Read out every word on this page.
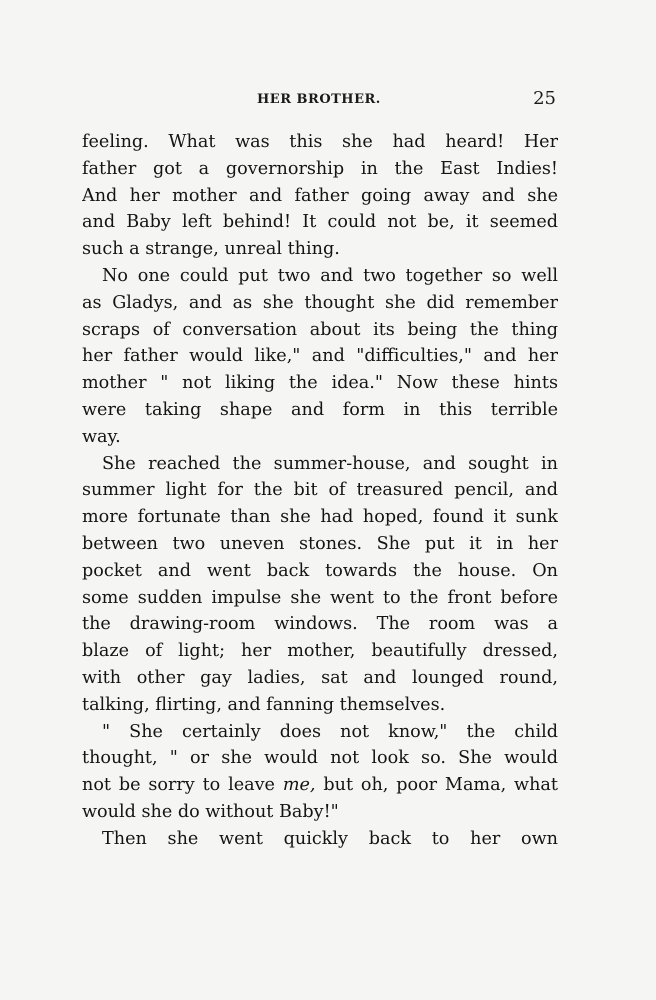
HER BROTHER.	25
feeling. What was this she had heard! Her
father got a governorship in the East Indies!
And her mother and father going away and she
and Baby left behind! It could not be, it seemed
such a strange, unreal thing.
No one could put two and two together so well
as Gladys, and as she thought she did remember
scraps of conversation about its being the thing
her father would like," and "difficulties," and her
mother " not liking the idea." Now these hints
were taking shape and form in this terrible
way.
She reached the summer-house, and sought in
summer light for the bit of treasured pencil, and
more fortunate than she had hoped, found it sunk
between two uneven stones. She put it in her
pocket and went back towards the house. On
some sudden impulse she went to the front before
the drawing-room windows. The room was a
blaze of light; her mother, beautifully dressed,
with other gay ladies, sat and lounged round,
talking, flirting, and fanning themselves.
" She certainly does not know," the child
thought, " or she would not look so. She would
not be sorry to leave me, but oh, poor Mama, what
would she do without Baby!"
Then she went quickly back to her own
